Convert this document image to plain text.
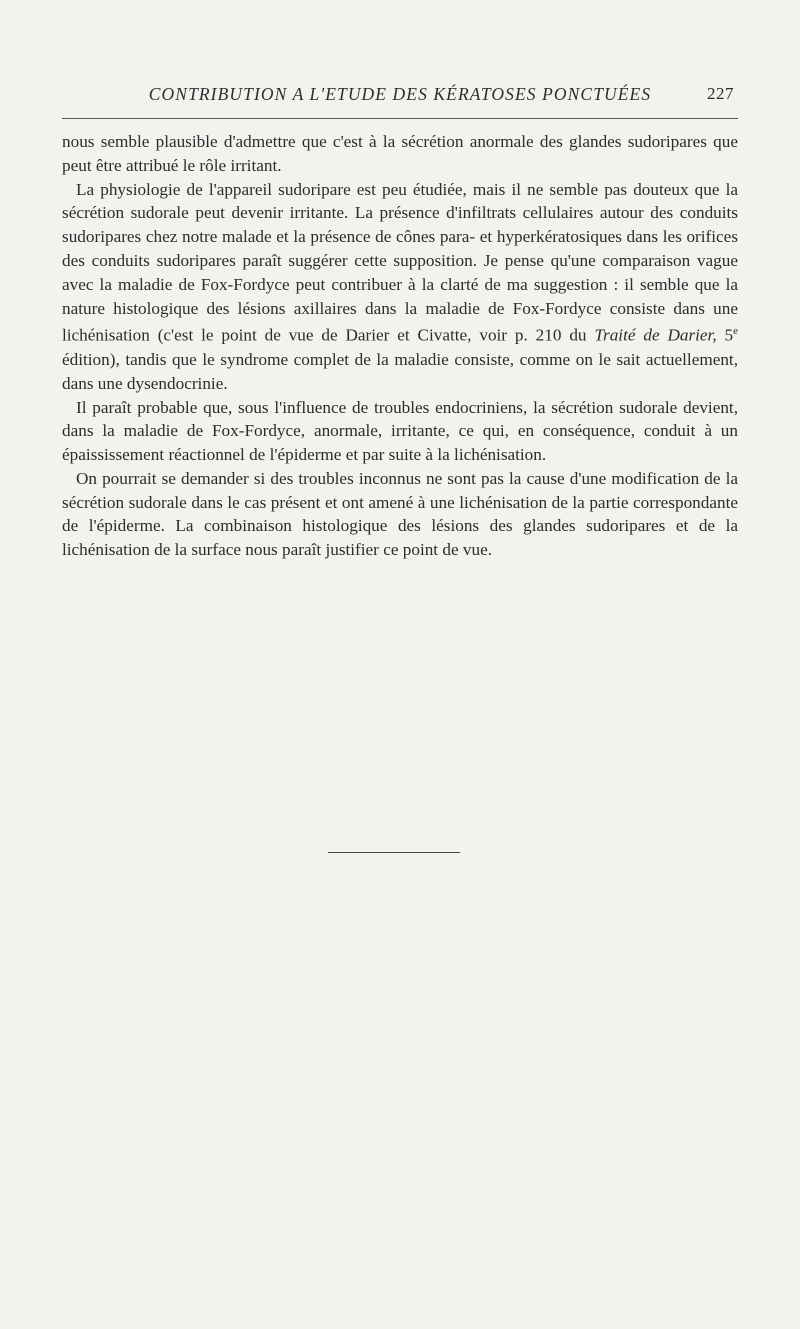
CONTRIBUTION A L'ETUDE DES KÉRATOSES PONCTUÉES	227

nous semble plausible d'admettre que c'est à la sécrétion anormale des glandes sudoripares que peut être attribué le rôle irritant.

La physiologie de l'appareil sudoripare est peu étudiée, mais il ne semble pas douteux que la sécrétion sudorale peut devenir irritante. La présence d'infiltrats cellulaires autour des conduits sudoripares chez notre malade et la présence de cônes para- et hyperkératosiques dans les orifices des conduits sudoripares paraît suggérer cette supposition. Je pense qu'une comparaison vague avec la maladie de Fox-Fordyce peut contribuer à la clarté de ma suggestion : il semble que la nature histologique des lésions axillaires dans la maladie de Fox-Fordyce consiste dans une lichénisation (c'est le point de vue de Darier et Civatte, voir p. 210 du Traité de Darier, 5e édition), tandis que le syndrome complet de la maladie consiste, comme on le sait actuellement, dans une dysendocrinie.

Il paraît probable que, sous l'influence de troubles endocriniens, la sécrétion sudorale devient, dans la maladie de Fox-Fordyce, anormale, irritante, ce qui, en conséquence, conduit à un épaississement réactionnel de l'épiderme et par suite à la lichénisation.

On pourrait se demander si des troubles inconnus ne sont pas la cause d'une modification de la sécrétion sudorale dans le cas présent et ont amené à une lichénisation de la partie correspondante de l'épiderme. La combinaison histologique des lésions des glandes sudoripares et de la lichénisation de la surface nous paraît justifier ce point de vue.
